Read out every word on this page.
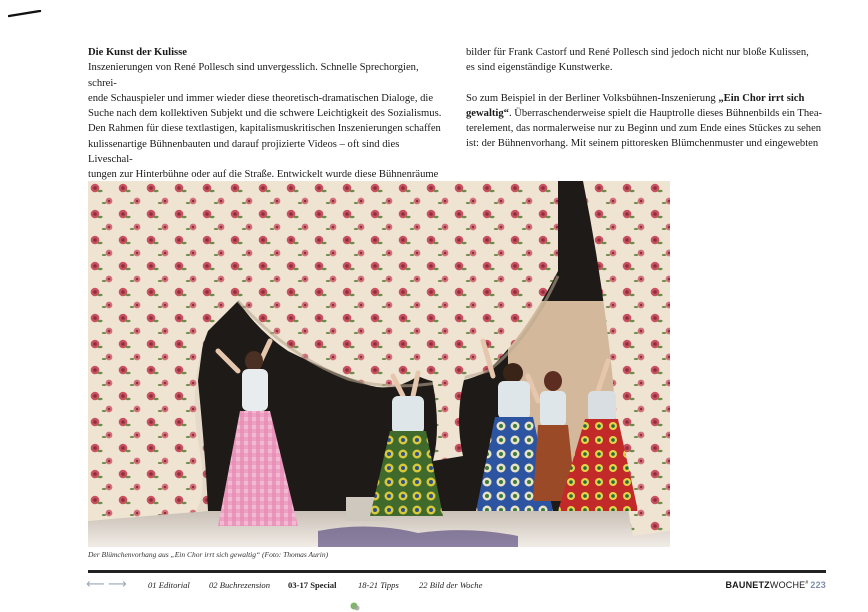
Die Kunst der Kulisse
Inszenierungen von René Pollesch sind unvergesslich. Schnelle Sprechorgien, schrei-
ende Schauspieler und immer wieder diese theoretisch-dramatischen Dialoge, die
Suche nach dem kollektiven Subjekt und die schwere Leichtigkeit des Sozialismus.
Den Rahmen für diese textlastigen, kapitalismuskritischen Inszenierungen schaffen
kulissenartige Bühnenbauten und darauf projizierte Videos – oft sind dies Liveschal-
tungen zur Hinterbühne oder auf die Straße. Entwickelt wurde diese Bühnenräume

bilder für Frank Castorf und René Pollesch sind jedoch nicht nur bloße Kulissen,
es sind eigenständige Kunstwerke.

So zum Beispiel in der Berliner Volksbühnen-Inszenierung „Ein Chor irrt sich
gewaltig“. Überraschenderweise spielt die Hauptrolle dieses Bühnenbilds ein Thea-
terelement, das normalerweise nur zu Beginn und zum Ende eines Stückes zu sehen
ist: der Bühnenvorhang. Mit seinem pittoresken Blümchenmuster und eingewebten

Der Blümchenvorhang aus „Ein Chor irrt sich gewaltig“ (Foto: Thomas Aurin)
⟵ ⟶ 01 Editorial 02 Buchrezension 03-17 Special	18-21 Tipps 22 Bild der Woche	BAUNETZWOCHE# 223
